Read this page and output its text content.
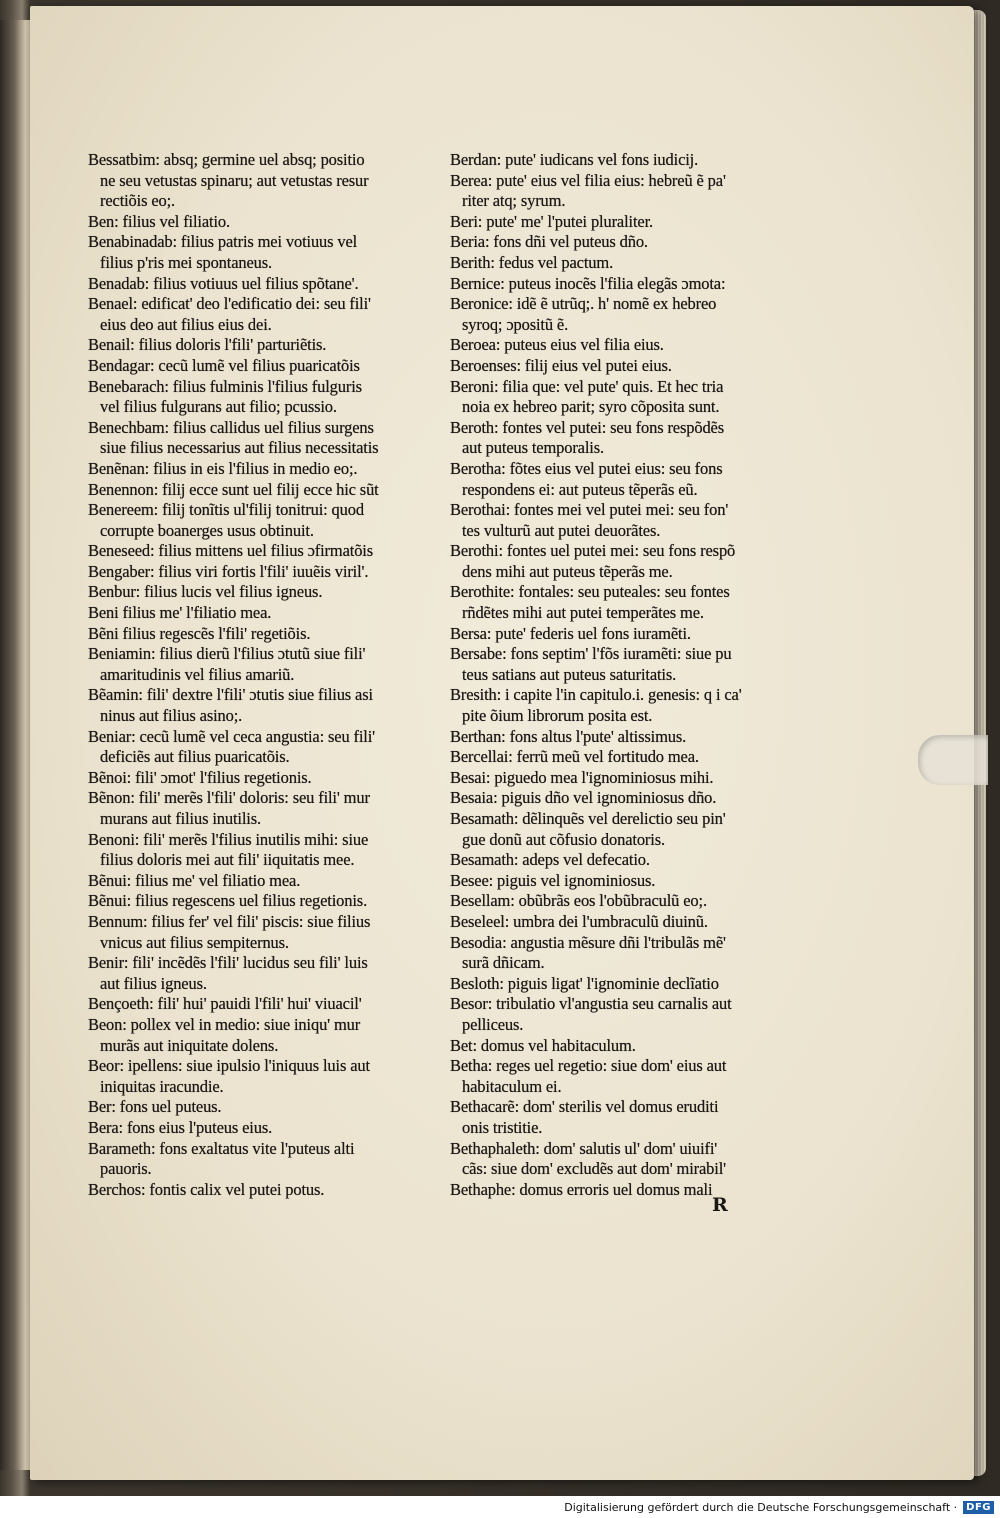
Bessatbim: absq; germine uel absq; positio
ne seu vetustas spinaru; aut vetustas resur
rectiõis eo;.
Ben: filius vel filiatio.
Benabinadab: filius patris mei votiuus vel
filius p'ris mei spontaneus.
Benadab: filius votiuus uel filius spõtane'.
Benael: edificat' deo l'edificatio dei: seu fili'
eius deo aut filius eius dei.
Benail: filius doloris l'fili' parturiẽtis.
Bendagar: cecũ lumẽ vel filius puaricatõis
Benebarach: filius fulminis l'filius fulguris
vel filius fulgurans aut filio; pcussio.
Benechbam: filius callidus uel filius surgens
siue filius necessarius aut filius necessitatis
Benẽnan: filius in eis l'filius in medio eo;.
Benennon: filij ecce sunt uel filij ecce hic sũt
Benereem: filij tonĩtis ul'filij tonitrui: quod
corrupte boanerges usus obtinuit.
Beneseed: filius mittens uel filius ɔfirmatõis
Bengaber: filius viri fortis l'fili' iuuẽis viril'.
Benbur: filius lucis vel filius igneus.
Beni filius me' l'filiatio mea.
Bẽni filius regescẽs l'fili' regetiõis.
Beniamin: filius dierũ l'filius ɔtutũ siue fili'
amaritudinis vel filius amariũ.
Bẽamin: fili' dextre l'fili' ɔtutis siue filius asi
ninus aut filius asino;.
Beniar: cecũ lumẽ vel ceca angustia: seu fili'
deficiẽs aut filius puaricatõis.
Bẽnoi: fili' ɔmot' l'filius regetionis.
Bẽnon: fili' merẽs l'fili' doloris: seu fili' mur
murans aut filius inutilis.
Benoni: fili' merẽs l'filius inutilis mihi: siue
filius doloris mei aut fili' iiquitatis mee.
Bẽnui: filius me' vel filiatio mea.
Bẽnui: filius regescens uel filius regetionis.
Bennum: filius fer' vel fili' piscis: siue filius
vnicus aut filius sempiternus.
Benir: fili' incẽdẽs l'fili' lucidus seu fili' luis
aut filius igneus.
Bençoeth: fili' hui' pauidi l'fili' hui' viuacil'
Beon: pollex vel in medio: siue iniqu' mur
murãs aut iniquitate dolens.
Beor: ipellens: siue ipulsio l'iniquus luis aut
iniquitas iracundie.
Ber: fons uel puteus.
Bera: fons eius l'puteus eius.
Barameth: fons exaltatus vite l'puteus alti
pauoris.
Berchos: fontis calix vel putei potus.
Berdan: pute' iudicans vel fons iudicij.
Berea: pute' eius vel filia eius: hebreũ ẽ pa'
riter atq; syrum.
Beri: pute' me' l'putei pluraliter.
Beria: fons dñi vel puteus dño.
Berith: fedus vel pactum.
Bernice: puteus inocẽs l'filia elegãs ɔmota:
Beronice: idẽ ẽ utrũq;. h' nomẽ ex hebreo
syroq; ɔpositũ ẽ.
Beroea: puteus eius vel filia eius.
Beroenses: filij eius vel putei eius.
Beroni: filia que: vel pute' quis. Et hec tria
noia ex hebreo parit; syro cõposita sunt.
Beroth: fontes vel putei: seu fons respõdẽs
aut puteus temporalis.
Berotha: fõtes eius vel putei eius: seu fons
respondens ei: aut puteus tẽperãs eũ.
Berothai: fontes mei vel putei mei: seu fon'
tes vulturũ aut putei deuorãtes.
Berothi: fontes uel putei mei: seu fons respõ
dens mihi aut puteus tẽperãs me.
Berothite: fontales: seu puteales: seu fontes
rñdẽtes mihi aut putei temperãtes me.
Bersa: pute' federis uel fons iuramẽti.
Bersabe: fons septim' l'fõs iuramẽti: siue pu
teus satians aut puteus saturitatis.
Bresith: i capite l'in capitulo.i. genesis: q i ca'
pite õium librorum posita est.
Berthan: fons altus l'pute' altissimus.
Bercellai: ferrũ meũ vel fortitudo mea.
Besai: piguedo mea l'ignominiosus mihi.
Besaia: piguis dño vel ignominiosus dño.
Besamath: dẽlinquẽs vel derelictio seu pin'
gue donũ aut cõfusio donatoris.
Besamath: adeps vel defecatio.
Besee: piguis vel ignominiosus.
Besellam: obũbrãs eos l'obũbraculũ eo;.
Beseleel: umbra dei l'umbraculũ diuinũ.
Besodia: angustia mẽsure dñi l'tribulãs mẽ'
surã dñicam.
Besloth: piguis ligat' l'ignominie declĩatio
Besor: tribulatio vl'angustia seu carnalis aut
pelliceus.
Bet: domus vel habitaculum.
Betha: reges uel regetio: siue dom' eius aut
habitaculum ei.
Bethacarẽ: dom' sterilis vel domus eruditi
onis tristitie.
Bethaphaleth: dom' salutis ul' dom' uiuifi'
cãs: siue dom' excludẽs aut dom' mirabil'
Bethaphe: domus erroris uel domus mali
R
Digitalisierung gefördert durch die Deutsche Forschungsgemeinschaft · DFG
